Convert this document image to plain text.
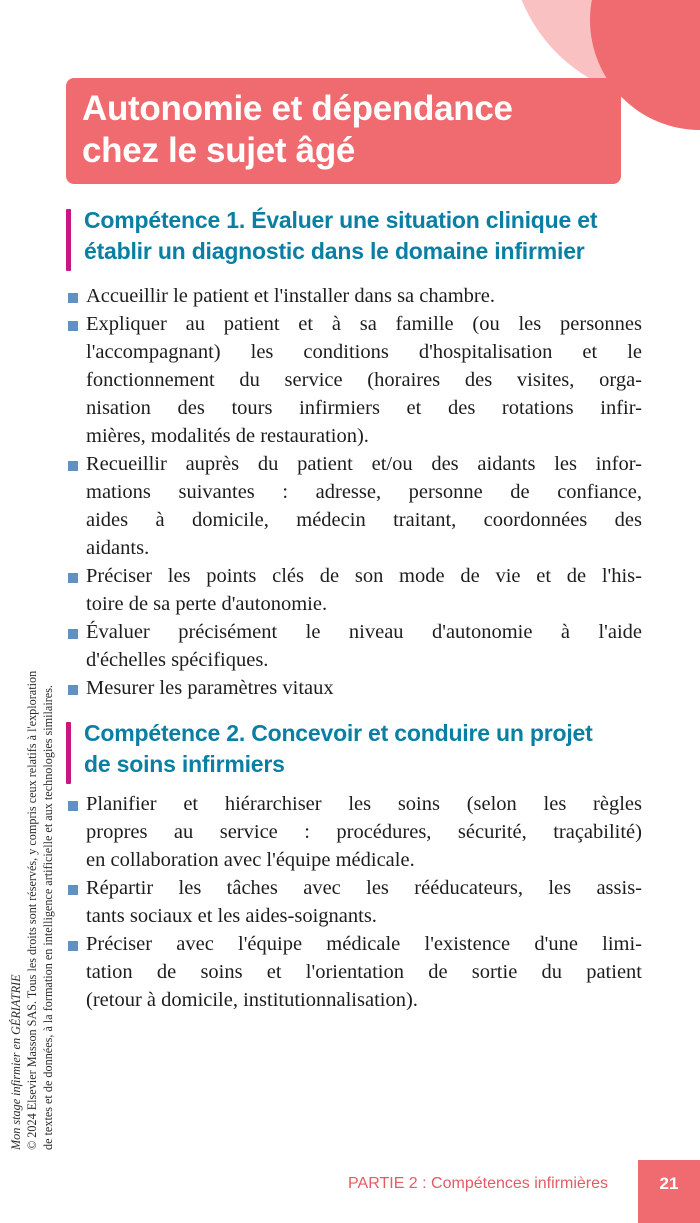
Autonomie et dépendance
chez le sujet âgé
Compétence 1. Évaluer une situation clinique et
établir un diagnostic dans le domaine infirmier
Accueillir le patient et l'installer dans sa chambre.
Expliquer au patient et à sa famille (ou les personnes
l'accompagnant) les conditions d'hospitalisation et le
fonctionnement du service (horaires des visites, orga-
nisation des tours infirmiers et des rotations infir-
mières, modalités de restauration).
Recueillir auprès du patient et/ou des aidants les infor-
mations suivantes : adresse, personne de confiance,
aides à domicile, médecin traitant, coordonnées des
aidants.
Préciser les points clés de son mode de vie et de l'his-
toire de sa perte d'autonomie.
Évaluer précisément le niveau d'autonomie à l'aide
d'échelles spécifiques.
Mesurer les paramètres vitaux
Compétence 2. Concevoir et conduire un projet
de soins infirmiers
Planifier et hiérarchiser les soins (selon les règles
propres au service : procédures, sécurité, traçabilité)
en collaboration avec l'équipe médicale.
Répartir les tâches avec les rééducateurs, les assis-
tants sociaux et les aides-soignants.
Préciser avec l'équipe médicale l'existence d'une limi-
tation de soins et l'orientation de sortie du patient
(retour à domicile, institutionnalisation).
Mon stage infirmier en GÉRIATRIE © 2024 Elsevier Masson SAS. Tous les droits sont réservés, y compris ceux relatifs à l'exploration de textes et de données, à la formation en intelligence artificielle et aux technologies similaires.
PARTIE 2 : Compétences infirmières	21
